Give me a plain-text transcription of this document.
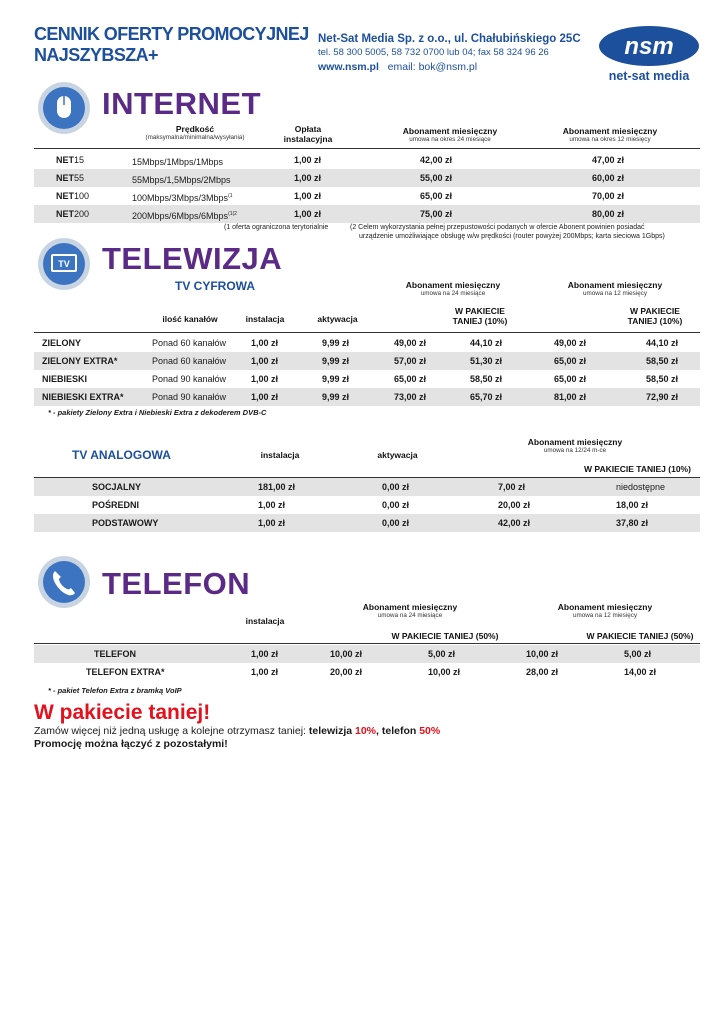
CENNIK OFERTY PROMOCYJNEJ
NAJSZYBSZA+
Net-Sat Media Sp. z o.o., ul. Chałubińskiego 25C
tel. 58 300 5005, 58 732 0700 lub 04; fax 58 324 96 26
www.nsm.pl email: bok@nsm.pl
nsm
net-sat media
INTERNET
Prędkość
(maksymalna/minimalna/wysyłania)
Opłata
instalacyjna
Abonament miesięczny
umowa na okres 24 miesiące
Abonament miesięczny
umowa na okres 12 miesięcy
NET15	15Mbps/1Mbps/1Mbps	1,00 zł	42,00 zł	47,00 zł
NET55	55Mbps/1,5Mbps/2Mbps	1,00 zł	55,00 zł	60,00 zł
NET100	100Mbps/3Mbps/3Mbps$^{(1}$	1,00 zł	65,00 zł	70,00 zł
NET200	200Mbps/6Mbps/6Mbps$^{(1(2}$	1,00 zł	75,00 zł	80,00 zł
(1 oferta ograniczona terytorialnie	(2 Celem wykorzystania pełnej przepustowości podanych w ofercie Abonent powinien posiadać
urządzenie umożliwiające obsługę w/w prędkości (router powyżej 200Mbps; karta sieciowa 1Gbps)
TV TELEWIZJA
TV CYFROWA	Abonament miesięczny
umowa na 24 miesiące
Abonament miesięczny
umowa na 12 miesięcy
ilość kanałów	instalacja	aktywacja
W PAKIECIE
TANIEJ (10%)
W PAKIECIE
TANIEJ (10%)
ZIELONY	Ponad 60 kanałów	1,00 zł	9,99 zł	49,00 zł	44,10 zł	49,00 zł	44,10 zł
ZIELONY EXTRA*	Ponad 60 kanałów	1,00 zł	9,99 zł	57,00 zł	51,30 zł	65,00 zł	58,50 zł
NIEBIESKI	Ponad 90 kanałów	1,00 zł	9,99 zł	65,00 zł	58,50 zł	65,00 zł	58,50 zł
NIEBIESKI EXTRA*	Ponad 90 kanałów	1,00 zł	9,99 zł	73,00 zł	65,70 zł	81,00 zł	72,90 zł
* - pakiety Zielony Extra i Niebieski Extra z dekoderem DVB-C
TV ANALOGOWA	instalacja	aktywacja
Abonament miesięczny
umowa na 12/24 m-ce
W PAKIECIE TANIEJ (10%)
SOCJALNY	181,00 zł	0,00 zł	7,00 zł	niedostępne
POŚREDNI	1,00 zł	0,00 zł	20,00 zł	18,00 zł
PODSTAWOWY	1,00 zł	0,00 zł	42,00 zł	37,80 zł
TELEFON
instalacja
Abonament miesięczny
umowa na 24 miesiące
Abonament miesięczny
umowa na 12 miesięcy
W PAKIECIE TANIEJ (50%)	W PAKIECIE TANIEJ (50%)
TELEFON	1,00 zł	10,00 zł	5,00 zł	10,00 zł	5,00 zł
TELEFON EXTRA*	1,00 zł	20,00 zł	10,00 zł	28,00 zł	14,00 zł
* - pakiet Telefon Extra z bramką VoIP
W pakiecie taniej!
Zamów więcej niż jedną usługę a kolejne otrzymasz taniej: telewizja 10%, telefon 50%
Promocję można łączyć z pozostałymi!
